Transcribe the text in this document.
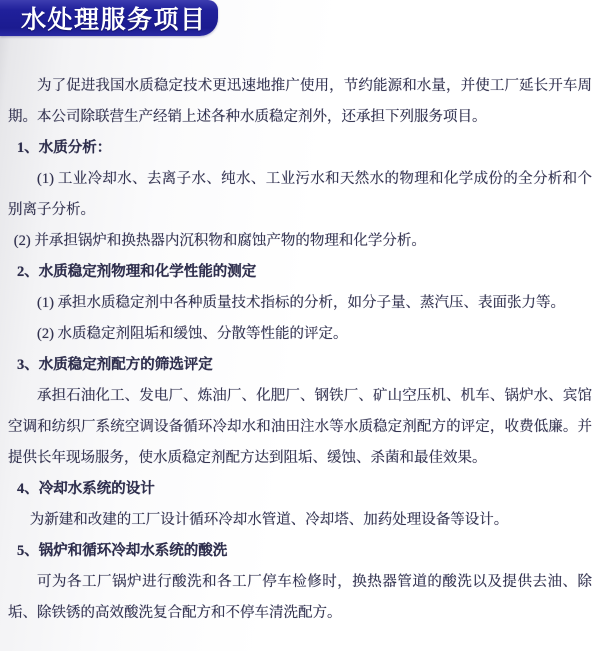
水处理服务项目

为了促进我国水质稳定技术更迅速地推广使用，节约能源和水量，并使工厂延长开车周期。本公司除联营生产经销上述各种水质稳定剂外，还承担下列服务项目。

1、水质分析：

(1) 工业冷却水、去离子水、纯水、工业污水和天然水的物理和化学成份的全分析和个别离子分析。

(2) 并承担锅炉和换热器内沉积物和腐蚀产物的物理和化学分析。

2、水质稳定剂物理和化学性能的测定

(1) 承担水质稳定剂中各种质量技术指标的分析，如分子量、蒸汽压、表面张力等。

(2) 水质稳定剂阻垢和缓蚀、分散等性能的评定。

3、水质稳定剂配方的筛选评定

承担石油化工、发电厂、炼油厂、化肥厂、钢铁厂、矿山空压机、机车、锅炉水、宾馆空调和纺织厂系统空调设备循环冷却水和油田注水等水质稳定剂配方的评定，收费低廉。并提供长年现场服务，使水质稳定剂配方达到阻垢、缓蚀、杀菌和最佳效果。

4、冷却水系统的设计

为新建和改建的工厂设计循环冷却水管道、冷却塔、加药处理设备等设计。

5、锅炉和循环冷却水系统的酸洗

可为各工厂锅炉进行酸洗和各工厂停车检修时，换热器管道的酸洗以及提供去油、除垢、除铁锈的高效酸洗复合配方和不停车清洗配方。
